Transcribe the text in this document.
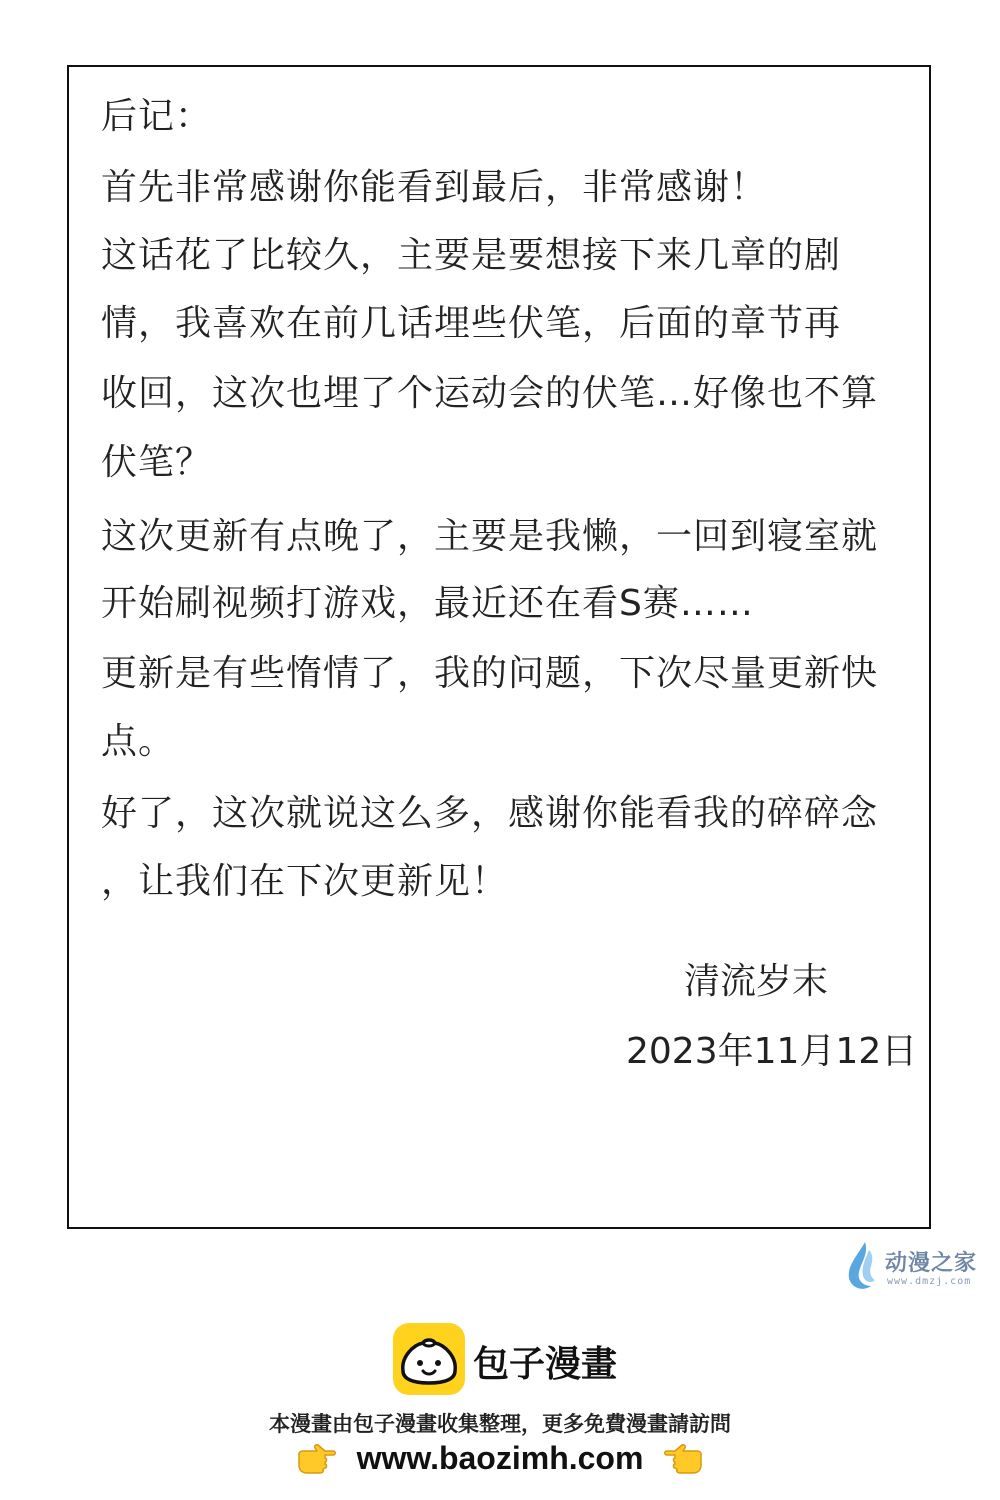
后记：
首先非常感谢你能看到最后，非常感谢！
这话花了比较久，主要是要想接下来几章的剧
情，我喜欢在前几话埋些伏笔，后面的章节再
收回，这次也埋了个运动会的伏笔…好像也不算
伏笔？
这次更新有点晚了，主要是我懒，一回到寝室就
开始刷视频打游戏，最近还在看S赛……
更新是有些惰情了，我的问题，下次尽量更新快
点。
好了，这次就说这么多，感谢你能看我的碎碎念
，让我们在下次更新见！
清流岁末
2023年11月12日
动漫之家
www.dmzj.com
包子漫畫
本漫畫由包子漫畫收集整理，更多免費漫畫請訪問
www.baozimh.com
